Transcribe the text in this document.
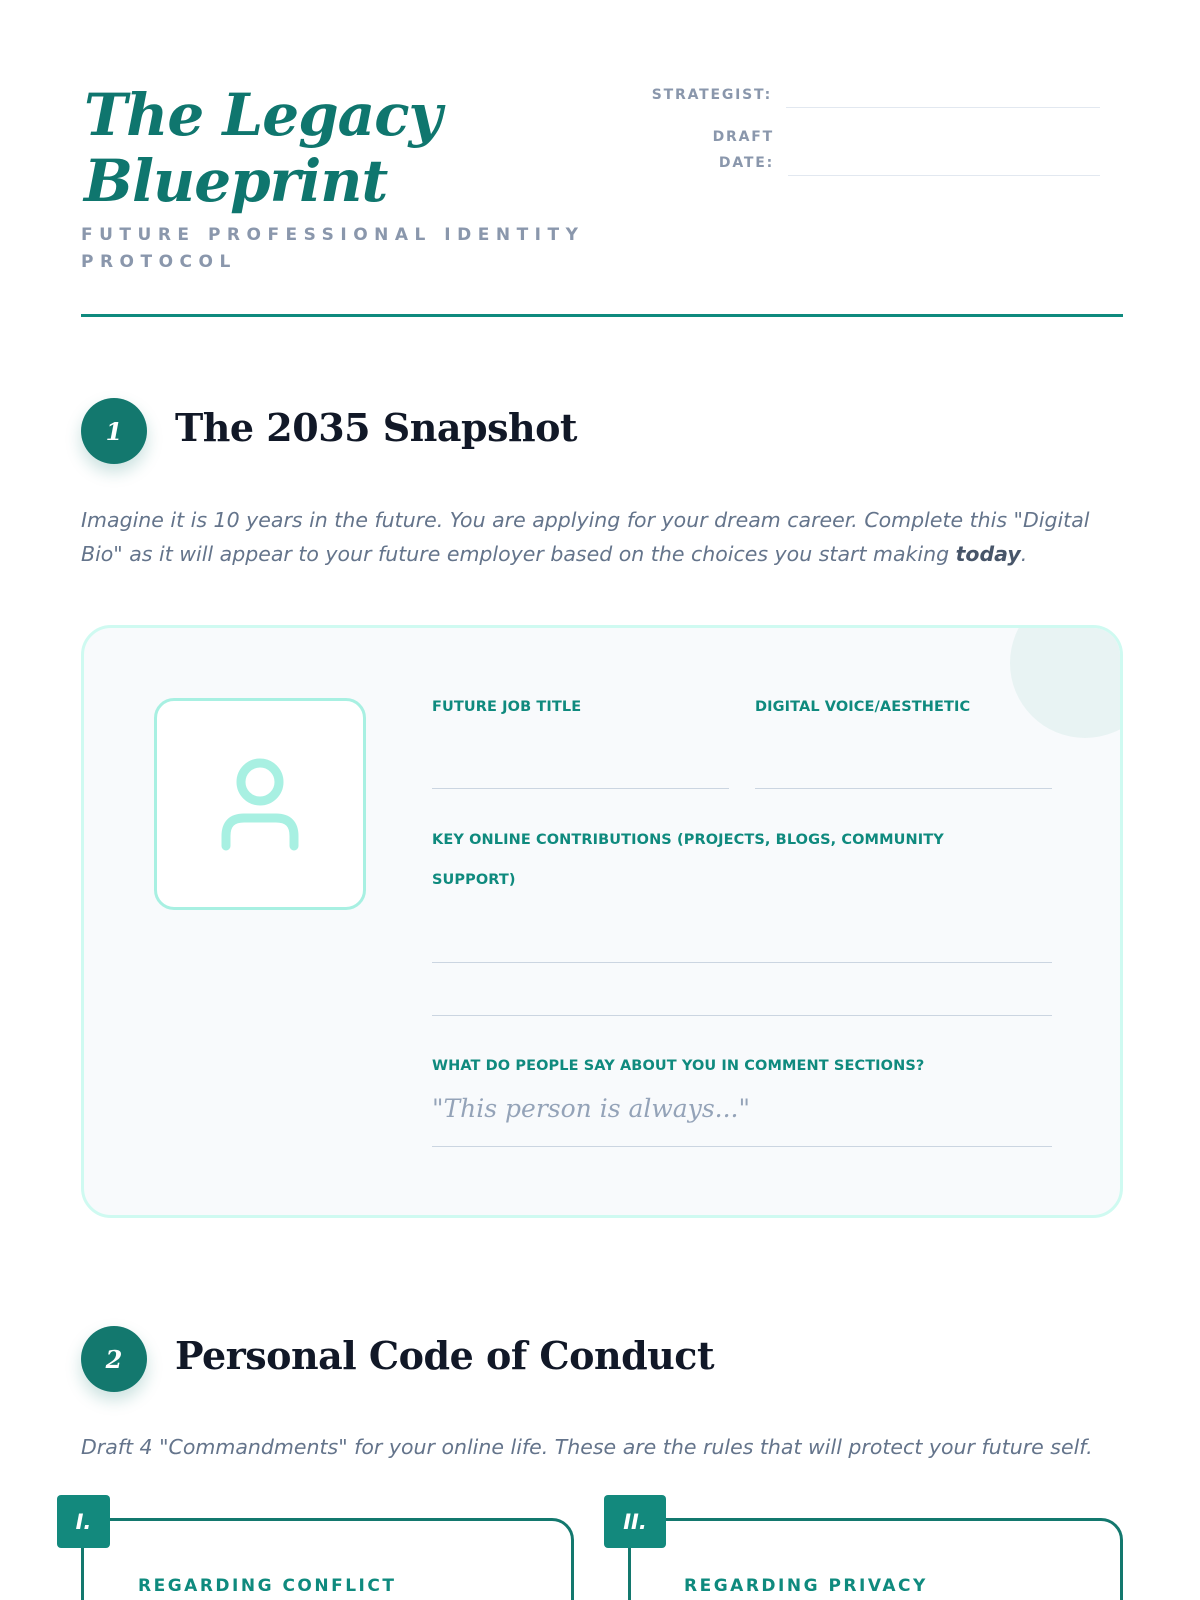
The Legacy Blueprint
FUTURE PROFESSIONAL IDENTITY PROTOCOL
STRATEGIST:
DRAFT DATE:
1	The 2035 Snapshot

Imagine it is 10 years in the future. You are applying for your dream career. Complete this "Digital Bio" as it will appear to your future employer based on the choices you start making today.

FUTURE JOB TITLE	DIGITAL VOICE/AESTHETIC
KEY ONLINE CONTRIBUTIONS (PROJECTS, BLOGS, COMMUNITY SUPPORT)
WHAT DO PEOPLE SAY ABOUT YOU IN COMMENT SECTIONS?
"This person is always..."
2	Personal Code of Conduct

Draft 4 "Commandments" for your online life. These are the rules that will protect your future self.

I.
REGARDING CONFLICT
II.
REGARDING PRIVACY
